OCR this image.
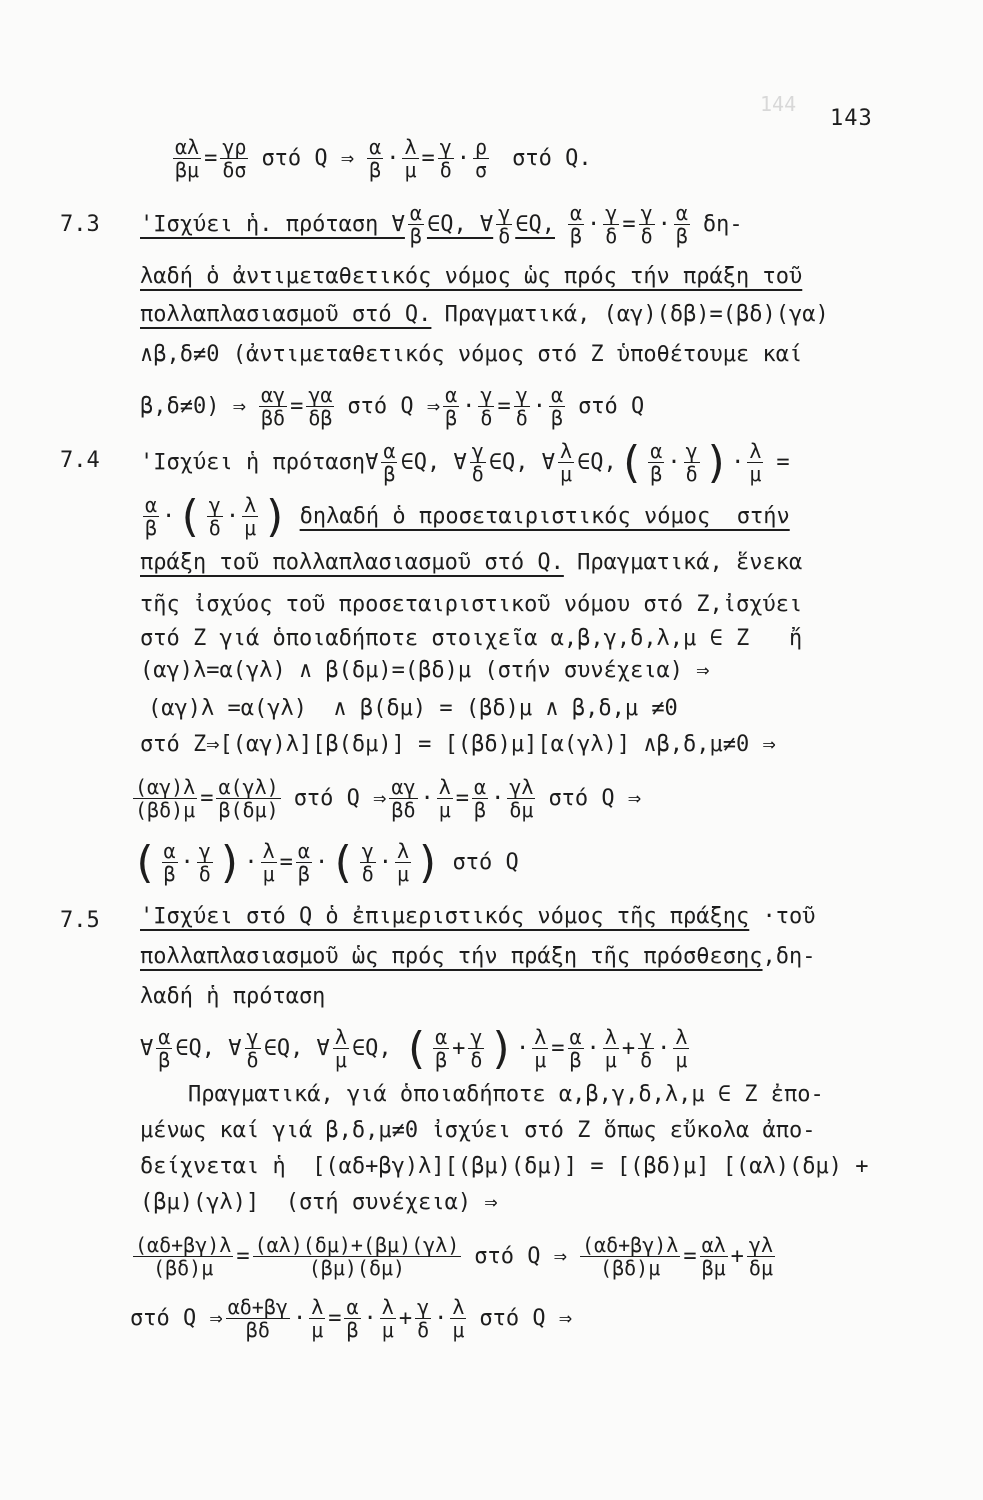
143
144
$\frac{\alpha\lambda}{\beta\mu} = \frac{\gamma\rho}{\delta\sigma}$ στό Q ⇒ $\frac{\alpha}{\beta} \cdot \frac{\lambda}{\mu} = \frac{\gamma}{\delta} \cdot \frac{\rho}{\sigma}$ στό Q.
7.3 'Ισχύει ἡ. πρόταση ∀ $\frac{\alpha}{\beta}$ ∈Q, ∀ $\frac{\gamma}{\delta}$ ∈Q, $\frac{\alpha}{\beta} \cdot \frac{\gamma}{\delta} = \frac{\gamma}{\delta} \cdot \frac{\alpha}{\beta} \delta\eta-$
λαδή ὁ ἀντιμεταθετικός νόμος ὡς πρός τήν πράξη τοῦ
πολλαπλασιασμοῦ στό Q. Πραγματικά, (αγ)(δβ)=(βδ)(γα)
∧β,δ≠0 (ἀντιμεταθετικός νόμος στό Z ὑποθέτουμε καί
β,δ≠0) ⇒ $\frac{\alpha\gamma}{\beta\delta} = \frac{\gamma\alpha}{\delta\beta}$ στό Q ⇒ $\frac{\alpha}{\beta} \cdot \frac{\gamma}{\delta} = \frac{\gamma}{\delta} \cdot \frac{\alpha}{\beta}$ στό Q
7.4 'Ισχύει ἡ πρόταση∀ $\frac{\alpha}{\beta}$ ∈Q, ∀ $\frac{\gamma}{\delta}$ ∈Q, ∀ $\frac{\lambda}{\mu}$ ∈Q, ( $\frac{\alpha}{\beta} \cdot \frac{\gamma}{\delta}$ ) · $\frac{\lambda}{\mu}$ =
$\frac{\alpha}{\beta}$ · ( $\frac{\gamma}{\delta} \cdot \frac{\lambda}{\mu}$ ) δηλαδή ὁ προσεταιριστικός νόμος  στήν
πράξη τοῦ πολλαπλασιασμοῦ στό Q. Πραγματικά, ἕνεκα
τῆς ἰσχύος τοῦ προσεταιριστικοῦ νόμου στό Z,ἰσχύει
στό Z γιά ὁποιαδήποτε στοιχεῖα α,β,γ,δ,λ,μ ∈ Z   ἤ
(αγ)λ=α(γλ) ∧ β(δμ)=(βδ)μ (στήν συνέχεια) ⇒
(αγ)λ =α(γλ)  ∧ β(δμ) = (βδ)μ ∧ β,δ,μ ≠0
στό Z⇒[(αγ)λ][β(δμ)] = [(βδ)μ][α(γλ)] ∧β,δ,μ≠0 ⇒
$\frac{(\alpha\gamma)\lambda}{(\beta\delta)\mu} = \frac{\alpha(\gamma\lambda)}{\beta(\delta\mu)}$ στό Q ⇒ $\frac{\alpha\gamma}{\beta\delta} \cdot \frac{\lambda}{\mu} = \frac{\alpha}{\beta} \cdot \frac{\gamma\lambda}{\delta\mu}$ στό Q ⇒
( $\frac{\alpha}{\beta} \cdot \frac{\gamma}{\delta}$ ) · $\frac{\lambda}{\mu} = \frac{\alpha}{\beta}$ · ( $\frac{\gamma}{\delta} \cdot \frac{\lambda}{\mu}$ ) στό Q
7.5 'Ισχύει στό Q ὁ ἐπιμεριστικός νόμος τῆς πράξης ·τοῦ
πολλαπλασιασμοῦ ὡς πρός τήν πράξη τῆς πρόσθεσης ,δη-
λαδή ἡ πρόταση
∀ $\frac{\alpha}{\beta}$ ∈Q, ∀ $\frac{\gamma}{\delta}$ ∈Q, ∀ $\frac{\lambda}{\mu}$ ∈Q, ( $\frac{\alpha}{\beta} + \frac{\gamma}{\delta}$ ) · $\frac{\lambda}{\mu} = \frac{\alpha}{\beta} \cdot \frac{\lambda}{\mu} + \frac{\gamma}{\delta} \cdot \frac{\lambda}{\mu}$
Πραγματικά, γιά ὁποιαδήποτε α,β,γ,δ,λ,μ ∈ Z ἐπο-
μένως καί γιά β,δ,μ≠0 ἰσχύει στό Z ὅπως εὔκολα ἀπο-
δείχνεται ἡ  [(αδ+βγ)λ][(βμ)(δμ)] = [(βδ)μ] [(αλ)(δμ) +
(βμ)(γλ)]  (στή συνέχεια) ⇒
$\frac{(\alpha\delta+\beta\gamma)\lambda}{(\beta\delta)\mu} = \frac{(\alpha\lambda)(\delta\mu)+(\beta\mu)(\gamma\lambda)}{(\beta\mu)(\delta\mu)}$ στό Q ⇒ $\frac{(\alpha\delta+\beta\gamma)\lambda}{(\beta\delta)\mu} = \frac{\alpha\lambda}{\beta\mu} + \frac{\gamma\lambda}{\delta\mu}$
στό Q ⇒ $\frac{\alpha\delta+\beta\gamma}{\beta\delta} \cdot \frac{\lambda}{\mu} = \frac{\alpha}{\beta} \cdot \frac{\lambda}{\mu} + \frac{\gamma}{\delta} \cdot \frac{\lambda}{\mu}$ στό Q ⇒
